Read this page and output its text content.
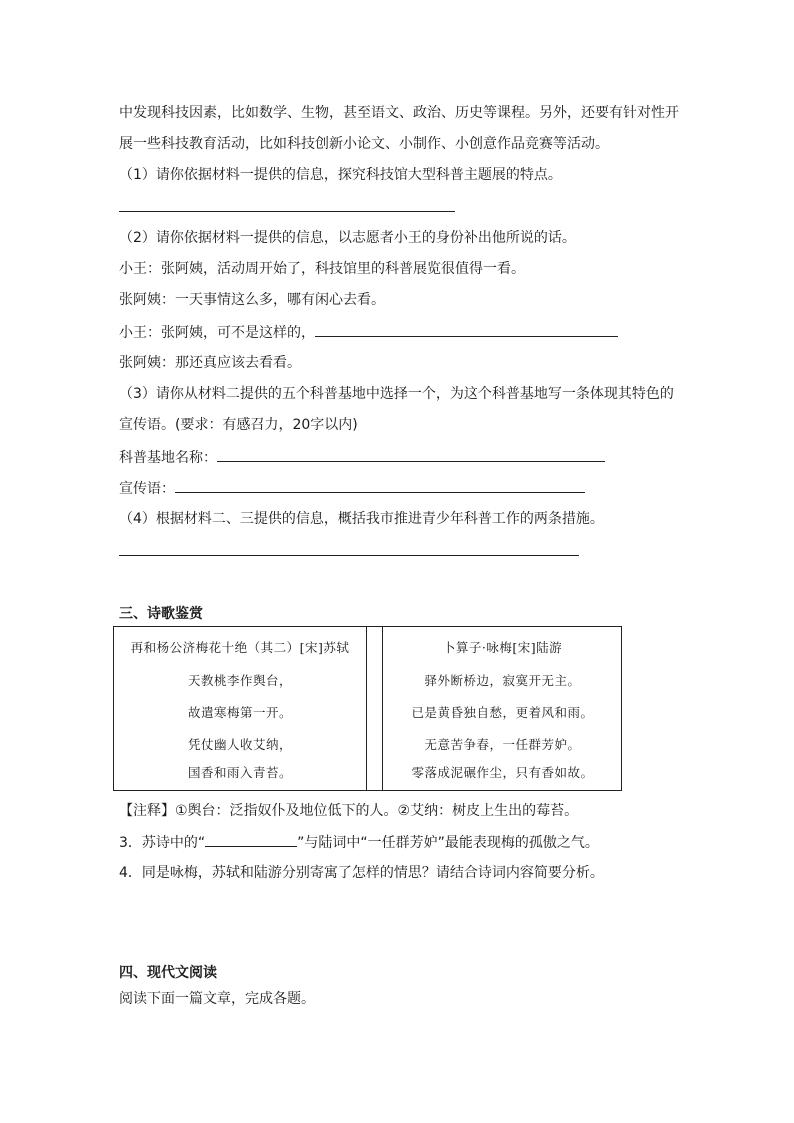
中发现科技因素，比如数学、生物，甚至语文、政治、历史等课程。另外，还要有针对性开
展一些科技教育活动，比如科技创新小论文、小制作、小创意作品竞赛等活动。
（1）请你依据材料一提供的信息，探究科技馆大型科普主题展的特点。
（2）请你依据材料一提供的信息，以志愿者小王的身份补出他所说的话。
小王：张阿姨，活动周开始了，科技馆里的科普展览很值得一看。
张阿姨：一天事情这么多，哪有闲心去看。
小王：张阿姨，可不是这样的，
张阿姨：那还真应该去看看。
（3）请你从材料二提供的五个科普基地中选择一个，为这个科普基地写一条体现其特色的
宣传语。(要求：有感召力，20字以内)
科普基地名称：
宣传语：
（4）根据材料二、三提供的信息，概括我市推进青少年科普工作的两条措施。
三、诗歌鉴赏
再和杨公济梅花十绝（其二）[宋]苏轼
天教桃李作舆台，
故遣寒梅第一开。
凭仗幽人收艾纳，
国香和雨入青苔。
卜算子·咏梅[宋]陆游
驿外断桥边，寂寞开无主。
已是黄昏独自愁，更着风和雨。
无意苦争春，一任群芳妒。
零落成泥碾作尘，只有香如故。
【注释】①舆台：泛指奴仆及地位低下的人。②艾纳：树皮上生出的莓苔。
3．苏诗中的“	”与陆词中“一任群芳妒”最能表现梅的孤傲之气。
4．同是咏梅，苏轼和陆游分别寄寓了怎样的情思？请结合诗词内容简要分析。
四、现代文阅读
阅读下面一篇文章，完成各题。
